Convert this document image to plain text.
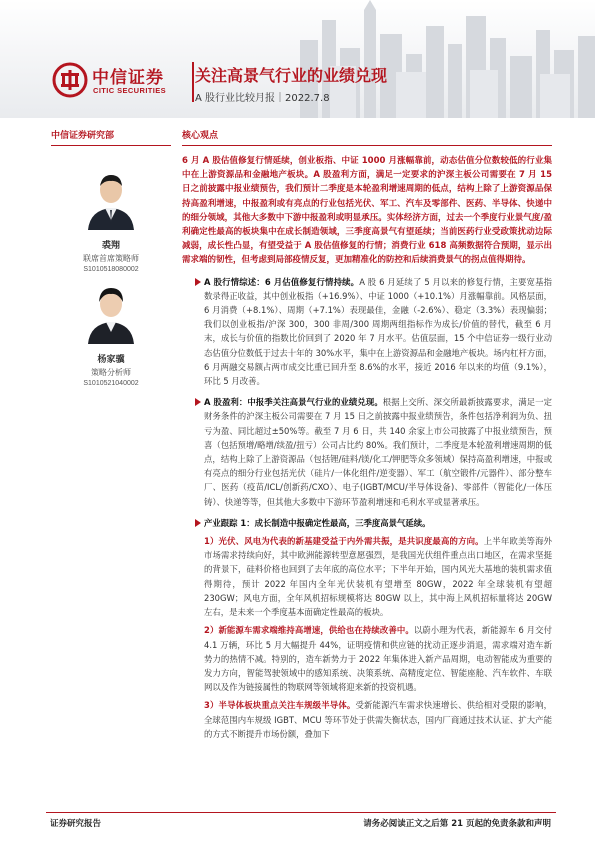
中信证券
CITIC SECURITIES
关注高景气行业的业绩兑现
A 股行业比较月报｜2022.7.8
中信证券研究部
裘翔
联席首席策略师
S1010518080002
杨家骥
策略分析师
S1010521040002
核心观点
6 月 A 股估值修复行情延续，创业板指、中证 1000 月涨幅靠前，动态估值分位数较低的行业集中在上游资源品和金融地产板块。A 股盈利方面，满足一定要求的沪深主板公司需要在 7 月 15 日之前披露中报业绩预告，我们预计二季度是本轮盈利增速周期的低点，结构上除了上游资源品保持高盈利增速，中报盈利或有亮点的行业包括光伏、军工、汽车及零部件、医药、半导体、快递中的细分领域，其他大多数中下游中报盈利或明显承压。实体经济方面，过去一个季度行业景气度/盈利确定性最高的板块集中在成长制造领域，三季度高景气有望延续；当前医药行业受政策扰动边际减弱，成长性凸显，有望受益于 A 股估值修复的行情；消费行业 618 高频数据符合预期，显示出需求端的韧性，但考虑到局部疫情反复，更加精准化的防控和后续消费景气的拐点值得期待。
A 股行情综述：6 月估值修复行情持续。A 股 6 月延续了 5 月以来的修复行情，主要宽基指数录得正收益，其中创业板指（+16.9%）、中证 1000（+10.1%）月涨幅靠前。风格层面，6 月消费（+8.1%）、周期（+7.1%）表现最佳，金融（-2.6%）、稳定（3.3%）表现偏弱；我们以创业板指/沪深 300，300 非周/300 周期两组指标作为成长/价值的替代，截至 6 月末，成长与价值的指数比价回到了 2020 年 7 月水平。估值层面，15 个中信证券一级行业动态估值分位数低于过去十年的 30%水平，集中在上游资源品和金融地产板块。场内杠杆方面，6 月两融交易额占两市成交比重已回升至 8.6%的水平，接近 2016 年以来的均值（9.1%），环比 5 月改善。
A 股盈利：中报季关注高景气行业的业绩兑现。根据上交所、深交所最新披露要求，满足一定财务条件的沪深主板公司需要在 7 月 15 日之前披露中报业绩预告，条件包括净利润为负、扭亏为盈、同比超过±50%等。截至 7 月 6 日，共 140 余家上市公司披露了中报业绩预告，预喜（包括预增/略增/续盈/扭亏）公司占比约 80%。我们预计，二季度是本轮盈利增速周期的低点，结构上除了上游资源品（包括锂/硅料/镁/化工/钾肥等众多领域）保持高盈利增速，中报或有亮点的细分行业包括光伏（硅片/一体化组件/逆变器）、军工（航空锻件/元器件）、部分整车厂、医药（疫苗/ICL/创新药/CXO）、电子(IGBT/MCU/半导体设备)、零部件（智能化/一体压铸）、快递等等，但其他大多数中下游环节盈利增速和毛利水平或显著承压。
产业跟踪 1：成长制造中报确定性最高，三季度高景气延续。
1）光伏、风电为代表的新基建受益于内外需共振，是共识度最高的方向。上半年欧美等海外市场需求持续向好，其中欧洲能源转型意愿强烈，是我国光伏组件重点出口地区，在需求坚挺的背景下，硅料价格也回到了去年底的高位水平；下半年开始，国内风光大基地的装机需求值得期待，预计 2022 年国内全年光伏装机有望增至 80GW，2022 年全球装机有望超 230GW；风电方面，全年风机招标规模将达 80GW 以上，其中海上风机招标量将达 20GW 左右，是未来一个季度基本面确定性最高的板块。
2）新能源车需求端维持高增速，供给也在持续改善中。以蔚小理为代表，新能源车 6 月交付 4.1 万辆，环比 5 月大幅提升 44%，证明疫情和供应链的扰动正逐步消退，需求端对造车新势力的热情不减。特别的，造车新势力于 2022 年集体进入新产品周期，电动智能成为重要的发力方向，智能驾驶领域中的感知系统、决策系统、高精度定位、智能座舱、汽车软件、车联网以及作为链接属性的物联网等领域将迎来新的投资机遇。
3）半导体板块重点关注车规级半导体。受新能源汽车需求快速增长、供给相对受限的影响，全球范围内车规级 IGBT、MCU 等环节处于供需失衡状态，国内厂商通过技术认证、扩大产能的方式不断提升市场份额，叠加下
证券研究报告	请务必阅读正文之后第 21 页起的免责条款和声明
